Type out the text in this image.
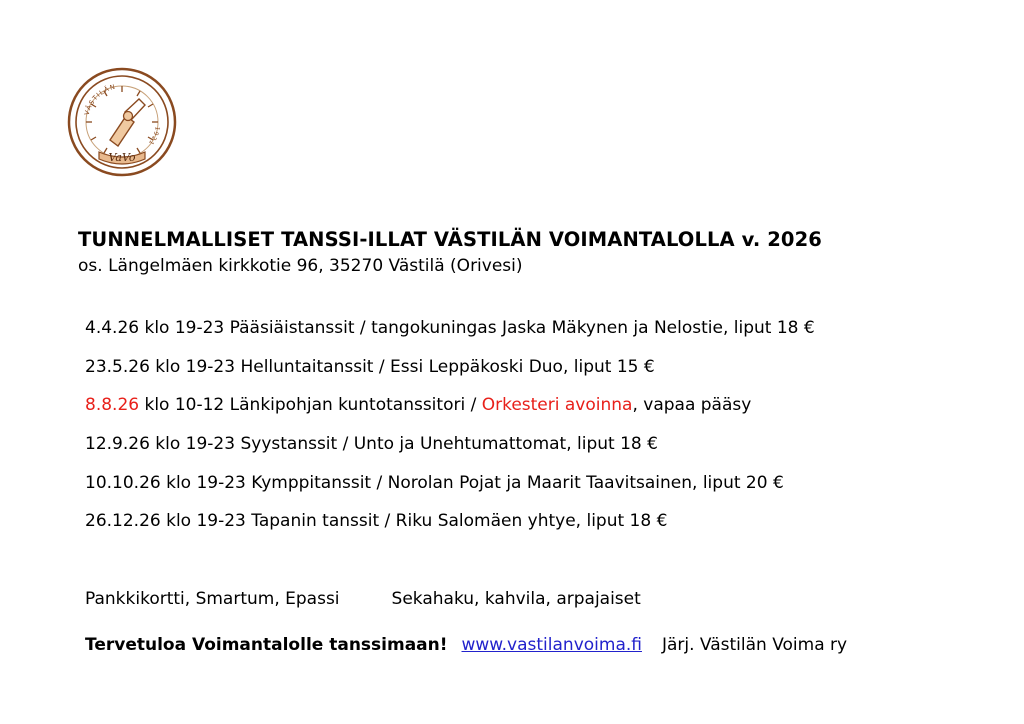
VÄSTILÄN
1921
VaVo
TUNNELMALLISET TANSSI-ILLAT VÄSTILÄN VOIMANTALOLLA v. 2026

os. Längelmäen kirkkotie 96, 35270 Västilä (Orivesi)

4.4.26 klo 19-23 Pääsiäistanssit / tangokuningas Jaska Mäkynen ja Nelostie, liput 18 €
23.5.26 klo 19-23 Helluntaitanssit / Essi Leppäkoski Duo, liput 15 €
8.8.26 klo 10-12 Länkipohjan kuntotanssitori / Orkesteri avoinna, vapaa pääsy
12.9.26 klo 19-23 Syystanssit / Unto ja Unehtumattomat, liput 18 €
10.10.26 klo 19-23 Kymppitanssit / Norolan Pojat ja Maarit Taavitsainen, liput 20 €
26.12.26 klo 19-23 Tapanin tanssit / Riku Salomäen yhtye, liput 18 €
Pankkikortti, Smartum, Epassi	Sekahaku, kahvila, arpajaiset
Tervetuloa Voimantalolle tanssimaan! www.vastilanvoima.fi Järj. Västilän Voima ry
